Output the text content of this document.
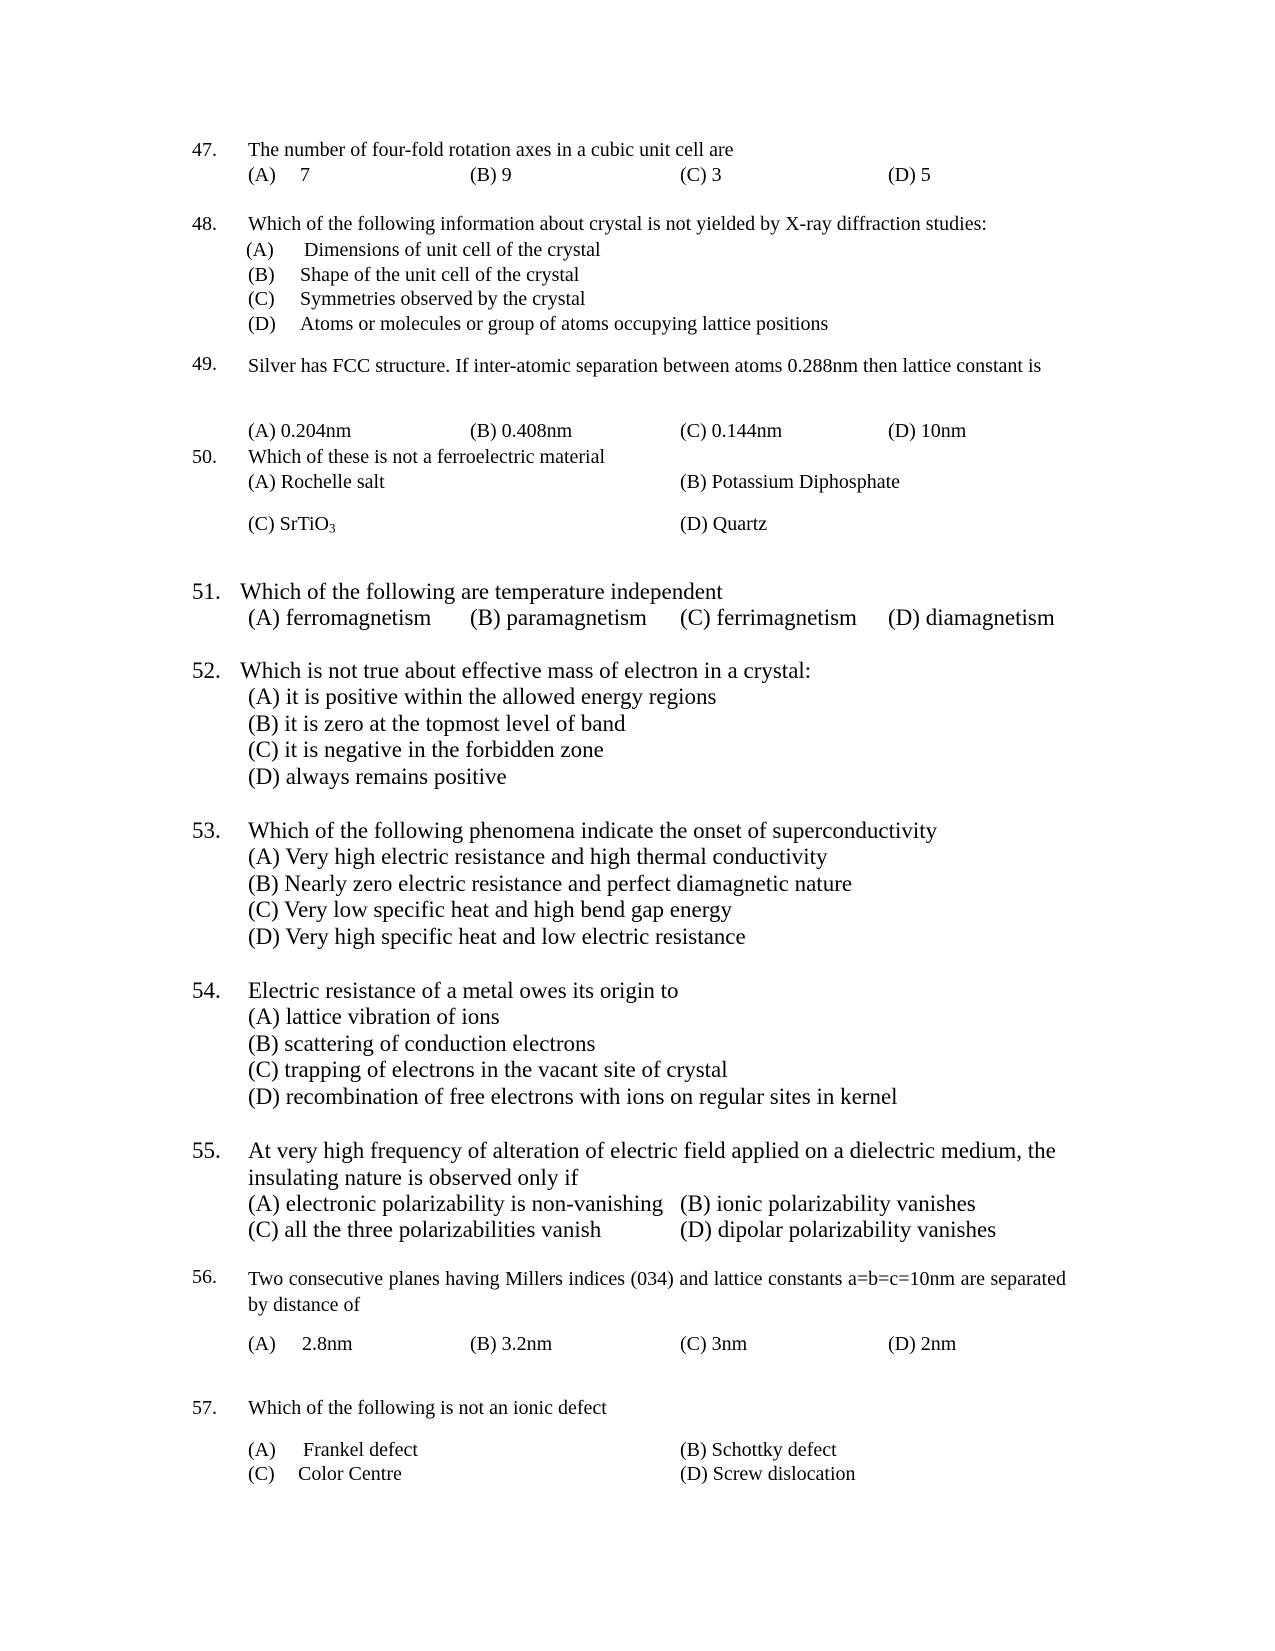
47. The number of four-fold rotation axes in a cubic unit cell are
(A) 7	(B) 9	(C) 3	(D) 5
48. Which of the following information about crystal is not yielded by X-ray diffraction studies:
(A) Dimensions of unit cell of the crystal
(B) Shape of the unit cell of the crystal
(C) Symmetries observed by the crystal
(D) Atoms or molecules or group of atoms occupying lattice positions
49. Silver has FCC structure. If inter-atomic separation between atoms 0.288nm then lattice constant is
(A) 0.204nm	(B) 0.408nm	(C) 0.144nm	(D) 10nm
50. Which of these is not a ferroelectric material
(A) Rochelle salt	(B) Potassium Diphosphate
(C) SrTiO$_3$	(D) Quartz
51. Which of the following are temperature independent
(A) ferromagnetism (B) paramagnetism (C) ferrimagnetism (D) diamagnetism
52. Which is not true about effective mass of electron in a crystal:
(A) it is positive within the allowed energy regions
(B) it is zero at the topmost level of band
(C) it is negative in the forbidden zone
(D) always remains positive
53. Which of the following phenomena indicate the onset of superconductivity
(A) Very high electric resistance and high thermal conductivity
(B) Nearly zero electric resistance and perfect diamagnetic nature
(C) Very low specific heat and high bend gap energy
(D) Very high specific heat and low electric resistance
54. Electric resistance of a metal owes its origin to
(A) lattice vibration of ions
(B) scattering of conduction electrons
(C) trapping of electrons in the vacant site of crystal
(D) recombination of free electrons with ions on regular sites in kernel
55. At very high frequency of alteration of electric field applied on a dielectric medium, the insulating nature is observed only if
(A) electronic polarizability is non-vanishing (B) ionic polarizability vanishes
(C) all the three polarizabilities vanish	(D) dipolar polarizability vanishes
56. Two consecutive planes having Millers indices (034) and lattice constants a=b=c=10nm are separated by distance of
(A) 2.8nm	(B) 3.2nm	(C) 3nm	(D) 2nm
57. Which of the following is not an ionic defect
(A) Frankel defect	(B) Schottky defect
(C) Color Centre	(D) Screw dislocation
